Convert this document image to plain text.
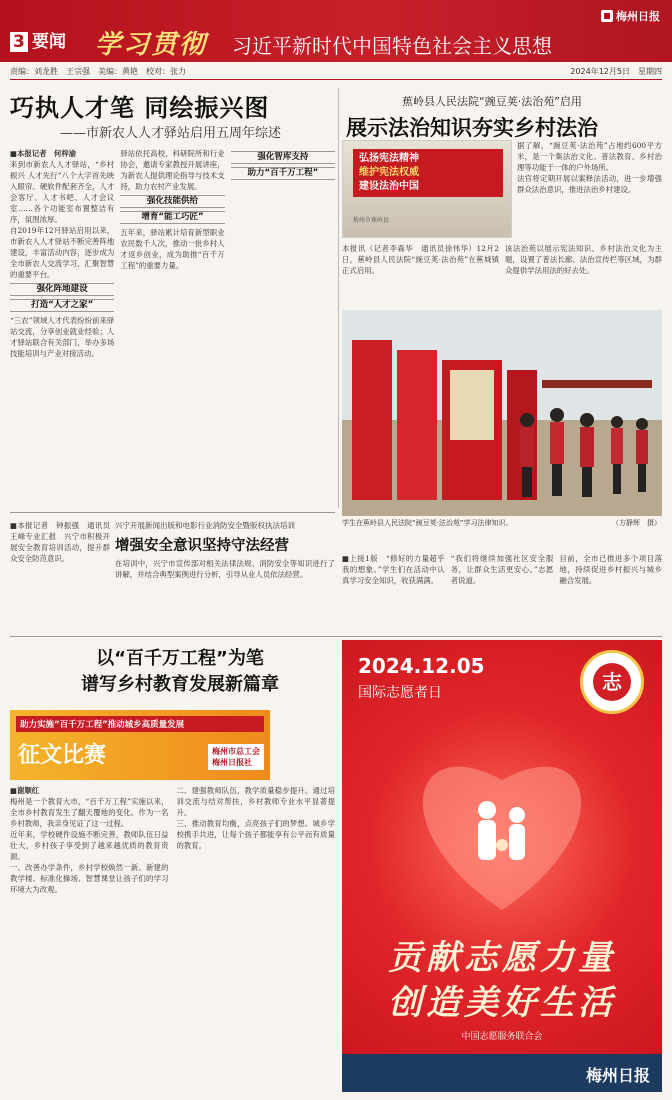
3 要闻 学习贯彻 习近平新时代中国特色社会主义思想
梅州日报
责编：刘龙胜　王宗强　美编：黄艳　校对：张力	2024年12月5日　星期四
巧执人才笔 同绘振兴图
——市新农人人才驿站启用五周年综述

■本报记者　何梓渝

来到市新农人人才驿站，“乡村振兴 人才先行”八个大字首先映入眼帘。硬软件配套齐全，人才会客厅、人才书吧、人才会议室……各个功能室布置整洁有序，氛围浓厚。

自2019年12月驿站启用以来，市新农人人才驿站不断完善阵地建设，丰富活动内容，逐步成为全市新农人交流学习、汇聚智慧的重要平台。

强化阵地建设
打造“人才之家”

“三农”领域人才代表纷纷前来驿站交流，分享创业就业经验；人才驿站联合有关部门，举办多场技能培训与产业对接活动。

驿站依托高校、科研院所和行业协会，邀请专家教授开展讲座，为新农人提供理论指导与技术支持，助力农村产业发展。

强化技能供给
增育“能工巧匠”

五年来，驿站累计培育新型职业农民数千人次，推动一批乡村人才返乡创业，成为助推“百千万工程”的重要力量。

强化智库支持
助力“百千万工程”
蕉岭县人民法院“豌豆荚·法治苑”启用
展示法治知识夯实乡村法治
弘扬宪法精神
维护宪法权威
建设法治中国
梅州市蕉岭县

据了解，“豌豆荚·法治苑”占地约600平方米，是一个集法治文化、普法教育、乡村治理等功能于一体的户外场所。

法官将定期开展以案释法活动，进一步增强群众法治意识，推进法治乡村建设。

本报讯（记者李森华　通讯员徐伟华）12月2日，蕉岭县人民法院“豌豆荚·法治苑”在蕉城镇正式启用。
该法治苑以展示宪法知识、乡村法治文化为主题，设置了普法长廊、法治宣传栏等区域，为群众提供学法用法的好去处。
学生在蕉岭县人民法院“豌豆荚·法治苑”学习法律知识。	（方静辉　摄）
■本报记者　钟振强　通讯员王峰专业汇报　兴宁市积极开展安全教育培训活动，提升群众安全防范意识。
兴宁开展新闻出版和电影行业消防安全暨版权执法培训
增强安全意识坚持守法经营
在培训中，兴宁市宣传部对相关法律法规、消防安全等知识进行了讲解，并结合典型案例进行分析，引导从业人员依法经营。
■上接1版　“修好的力量超乎我的想象。”学生们在活动中认真学习安全知识，收获满满。
“我们将继续加强社区安全服务，让群众生活更安心。”志愿者说道。
目前，全市已推进多个项目落地，持续促进乡村振兴与城乡融合发展。
以“百千万工程”为笔
谱写乡村教育发展新篇章
助力实施“百千万工程”推动城乡高质量发展
征文比赛	梅州市总工会
梅州日报社

■谢顺红

梅州是一个教育大市，“百千万工程”实施以来，全市乡村教育发生了翻天覆地的变化。作为一名乡村教师，我亲身见证了这一过程。

近年来，学校硬件设施不断完善，教师队伍日益壮大，乡村孩子享受到了越来越优质的教育资源。

一、改善办学条件，乡村学校焕然一新。新建的教学楼、标准化操场、智慧课堂让孩子们的学习环境大为改观。

二、建强教师队伍，教学质量稳步提升。通过培训交流与结对帮扶，乡村教师专业水平显著提升。

三、推动教育均衡，点亮孩子们的梦想。城乡学校携手共进，让每个孩子都能享有公平而有质量的教育。

2024.12.05
国际志愿者日	志
贡献志愿力量
创造美好生活
中国志愿服务联合会
梅州日报
